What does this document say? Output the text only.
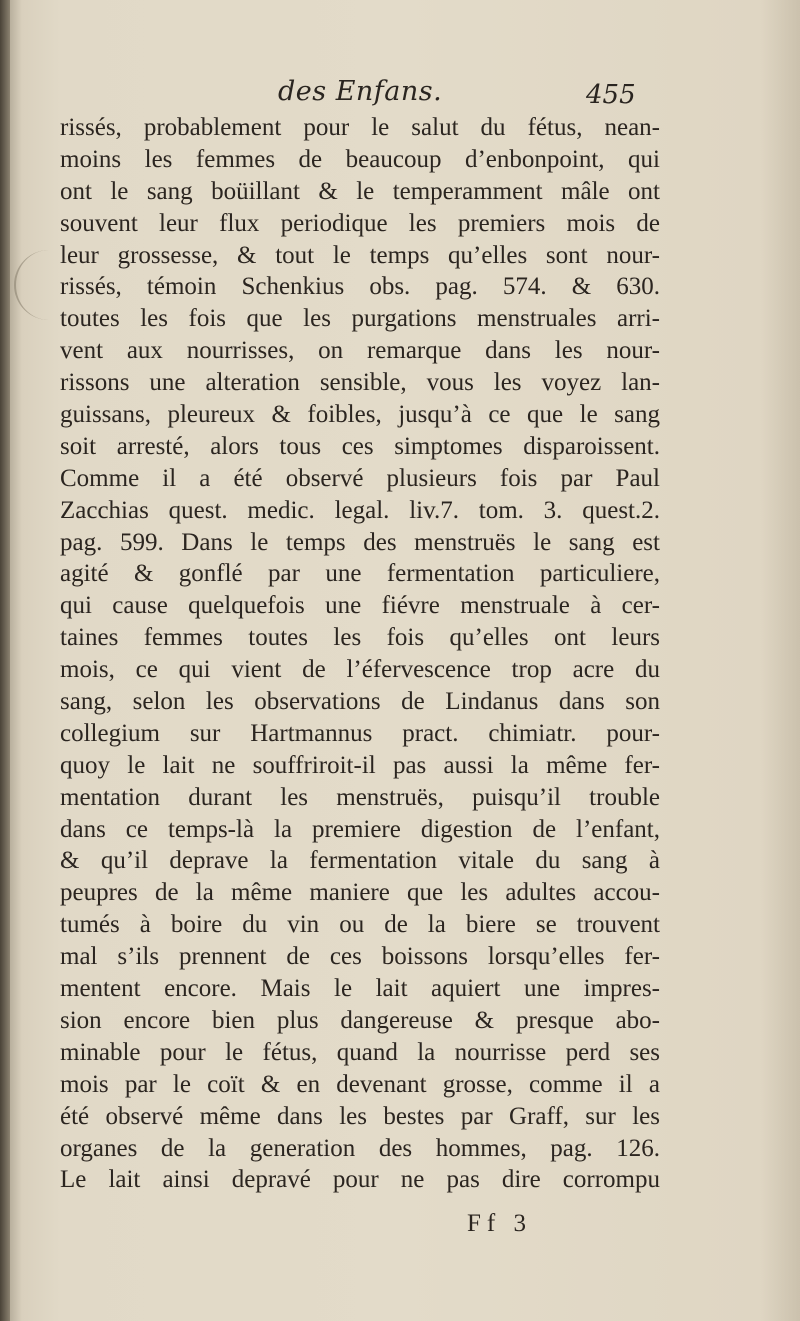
des Enfans.	455
rissés, probablement pour le salut du fétus, nean-
moins les femmes de beaucoup d’enbonpoint, qui
ont le sang boüillant & le temperamment mâle ont
souvent leur flux periodique les premiers mois de
leur grossesse, & tout le temps qu’elles sont nour-
rissés, témoin Schenkius obs. pag. 574. & 630.
toutes les fois que les purgations menstruales arri-
vent aux nourrisses, on remarque dans les nour-
rissons une alteration sensible, vous les voyez lan-
guissans, pleureux & foibles, jusqu’à ce que le sang
soit arresté, alors tous ces simptomes disparoissent.
Comme il a été observé plusieurs fois par Paul
Zacchias quest. medic. legal. liv.7. tom. 3. quest.2.
pag. 599. Dans le temps des menstruës le sang est
agité & gonflé par une fermentation particuliere,
qui cause quelquefois une fiévre menstruale à cer-
taines femmes toutes les fois qu’elles ont leurs
mois, ce qui vient de l’éfervescence trop acre du
sang, selon les observations de Lindanus dans son
collegium sur Hartmannus pract. chimiatr. pour-
quoy le lait ne souffriroit-il pas aussi la même fer-
mentation durant les menstruës, puisqu’il trouble
dans ce temps-là la premiere digestion de l’enfant,
& qu’il deprave la fermentation vitale du sang à
peupres de la même maniere que les adultes accou-
tumés à boire du vin ou de la biere se trouvent
mal s’ils prennent de ces boissons lorsqu’elles fer-
mentent encore. Mais le lait aquiert une impres-
sion encore bien plus dangereuse & presque abo-
minable pour le fétus, quand la nourrisse perd ses
mois par le coït & en devenant grosse, comme il a
été observé même dans les bestes par Graff, sur les
organes de la generation des hommes, pag. 126.
Le lait ainsi depravé pour ne pas dire corrompu
Ff 3
